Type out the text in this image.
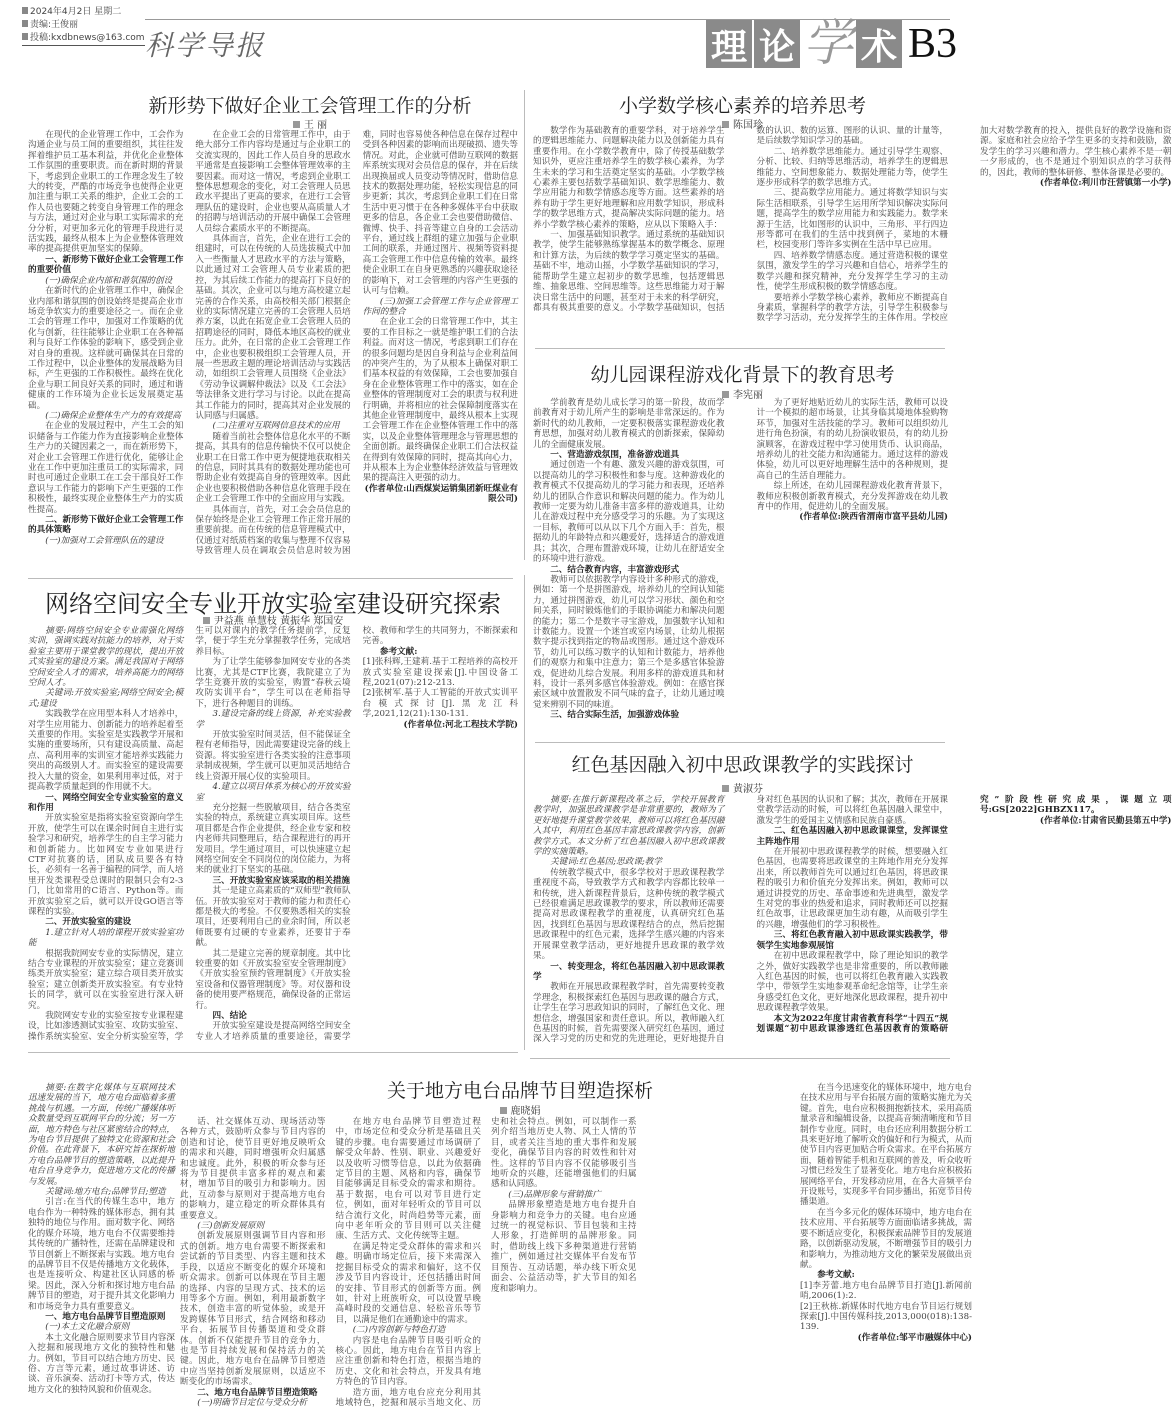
2024年4月2日 星期二
责编:王俊丽
投稿:kxdbnews@163.com 科学导报	理 论 学 术 B3
新形势下做好企业工会管理工作的分析
王 丽

在现代的企业管理工作中，工会作为沟通企业与员工间的重要组织，其往往发挥着维护员工基本利益，并优化企业整体工作氛围的重要职责。而在新时期的背景下，考虑到企业职工的工作理念发生了较大的转变，严酷的市场竞争也使得企业更加注重与职工关系的维护，企业工会的工作人员也要随之转变自身管理工作的理念与方法，通过对企业与职工实际需求的充分分析，对更加多元化的管理手段进行灵活实践，最终从根本上为企业整体管理效率的提高提供更加坚实的保障。

一、新形势下做好企业工会管理工作的重要价值

(一)确保企业内部和谐氛围的创设

在新时代的企业管理工作中，确保企业内部和谐氛围的创设始终是提高企业市场竞争软实力的重要途径之一。而在企业工会的管理工作中，加强对工作策略的优化与创新，往往能够让企业职工在各种福利与良好工作体验的影响下，感受到企业对自身的重视。这样就可确保其在日常的工作过程中，以企业整体的发展战略为目标，产生更强的工作积极性。最终在优化企业与职工间良好关系的同时，通过和谐健康的工作环境为企业长远发展奠定基础。

(二)确保企业整体生产力的有效提高

在企业的发展过程中，产生工会的知识储备与工作能力作为直接影响企业整体生产力的关键因素之一，而在新形势下，对企业工会管理工作进行优化，能够让企业在工作中更加注重员工的实际需求，同时也可通过企业职工在工会干部良好工作意识与工作能力的影响下产生更强的工作积极性，最终实现企业整体生产力的实质性提高。

二、新形势下做好企业工会管理工作的具体策略

(一)加强对工会管理队伍的建设

在企业工会的日常管理工作中，由于绝大部分工作内容均是通过与企业职工的交流实现的，因此工作人员自身的思政水平通常是直接影响工会整体管理效率的主要因素。而对这一情况，考虑到企业职工整体思想观念的变化，对工会管理人员思政水平提出了更高的要求，在进行工会管理队伍的建设时，企业也要从高质量人才的招聘与培训活动的开展中确保工会管理人员综合素质水平的不断提高。

具体而言，首先，企业在进行工会的组建时，可以在传统的人员选拔模式中加入一些衡量人才思政水平的方法与策略，以此通过对工会管理人员专业素质的把控，为其后续工作能力的提高打下良好的基础。其次，企业可以与地方高校建立起完善的合作关系，由高校相关部门根据企业的实际情况建立完善的工会管理人员培养方案，以此在拓宽企业工会管理人员的招聘途径的同时，降低本地区高校的就业压力。此外，在日常的企业工会管理工作中，企业也要积极组织工会管理人员，开展一些思政主题的理论培训活动与实践活动，如组织工会管理人员围绕《企业法》《劳动争议调解仲裁法》以及《工会法》等法律条文进行学习与讨论。以此在提高其工作能力的同时，提高其对企业发展的认同感与归属感。

(二)注重对互联网信息技术的应用

随着当前社会整体信息化水平的不断提高，其具有的信息传输快不仅可以使企业职工在日常工作中更为便捷地获取相关的信息，同时其具有的数据处理功能也可帮助企业有效提高自身的管理效率。因此企业也要积极借助各种信息化管理手段在企业工会管理工作中的全面应用与实践。

具体而言，首先，对工会会员信息的保存始终是企业工会管理工作正常开展的重要前提。而在传统的信息管理模式中，仅通过对纸质档案的收集与整理不仅容易导致管理人员在调取会员信息时较为困难，同时也容易使各种信息在保存过程中受到各种因素的影响而出现破损、遗失等情况。对此，企业就可借助互联网的数据库系统实现对会员信息的保存，并在后续出现换届或人员变动等情况时，借助信息技术的数据处理功能，轻松实现信息的同步更新；其次，考虑到企业职工们在日常生活中更习惯于在各种多媒体平台中获取更多的信息，各企业工会也要借助微信、微博、快手、抖音等建立自身的工会活动平台，通过线上群组的建立加强与企业职工间的联系，并通过图片、视频等资料提高工会管理工作中信息传输的效率。最终使企业职工在自身更熟悉的兴趣获取途径的影响下，对工会管理的内容产生更强的认可与信赖。

(三)加强工会管理工作与企业管理工作间的整合

在企业工会的日常管理工作中，其主要的工作目标之一就是维护职工们的合法利益。而对这一情况，考虑到职工们存在的很多问题均是因自身利益与企业利益间的冲突产生的，为了从根本上确保对职工们基本权益的有效保障，工会也要加强自身在企业整体管理工作中的落实，如在企业整体的管理制度对工会的职责与权利进行明确，并将相应的社会保障制度落实在其他企业管理制度中，最终从根本上实现工会管理工作在企业整体管理工作中的落实，以及企业整体管理理念与管理思想的全面创新。最终确保企业职工们合法权益在得到有效保障的同时，提高其向心力，并从根本上为企业整体经济效益与管理效果的提高注入更强的动力。

(作者单位:山西煤炭运销集团新旺煤业有限公司)

小学数学核心素养的培养思考
陈国珍

数学作为基础教育的重要学科，对于培养学生的逻辑思维能力、问题解决能力以及创新能力具有重要作用。在小学数学教育中，除了传授基础数学知识外，更应注重培养学生的数学核心素养，为学生未来的学习和生活奠定坚实的基础。小学数学核心素养主要包括数学基础知识、数学思维能力、数学应用能力和数学情感态度等方面。这些素养的培养有助于学生更好地理解和应用数学知识，形成科学的数学思维方式，提高解决实际问题的能力。培养小学数学核心素养的策略，应从以下策略入手：

一、加强基础知识教学。通过系统的基础知识教学，使学生能够熟练掌握基本的数学概念、原理和计算方法，为后续的数学学习奠定坚实的基础。基础不牢，地动山摇，小学数学基础知识的学习，能帮助学生建立起初步的数学思维，包括逻辑思维、抽象思维、空间思维等。这些思维能力对于解决日常生活中的问题，甚至对于未来的科学研究，都具有极其重要的意义。小学数学基础知识，包括数的认识、数的运算、图形的认识、量的计量等，是后续数学知识学习的基础。

二、培养数学思维能力。通过引导学生观察、分析、比较、归纳等思维活动，培养学生的逻辑思维能力、空间想象能力、数据处理能力等，使学生逐步形成科学的数学思维方式。

三、提高数学应用能力。通过将数学知识与实际生活相联系，引导学生运用所学知识解决实际问题，提高学生的数学应用能力和实践能力。数学来源于生活，比如图形的认识中，三角形、平行四边形等都可在我们的生活中找到例子，菜地的木栅栏，校园变形门等许多实例在生活中早已应用。

四、培养数学情感态度。通过营造积极的课堂氛围，激发学生的学习兴趣和自信心，培养学生的数学兴趣和探究精神，充分发挥学生学习的主动性，使学生形成积极的数学情感态度。

要培养小学数学核心素养，教师应不断提高自身素质，掌握科学的教学方法，引导学生积极参与数学学习活动，充分发挥学生的主体作用。学校应加大对数学教育的投入，提供良好的教学设施和资源。家庭和社会应给予学生更多的支持和鼓励，激发学生的学习兴趣和潜力。学生核心素养不是一朝一夕形成的，也不是通过个别知识点的学习获得的，因此，教师的整体研修、整体备课是必要的。

(作者单位:利川市汪营镇第一小学)

幼儿园课程游戏化背景下的教育思考
李宪丽

学前教育是幼儿成长学习的第一阶段，故而学前教育对于幼儿所产生的影响是非常深远的。作为新时代的幼儿教师，一定要积极落实课程游戏化教育思想，加强对幼儿教育模式的创新探索，保障幼儿的全面健康发展。

一、营造游戏氛围，准备游戏道具

通过创造一个有趣、激发兴趣的游戏氛围，可以提高幼儿的学习积极性和参与度。这种游戏化的教育模式不仅提高幼儿的学习能力和表现，还培养幼儿的团队合作意识和解决问题的能力。作为幼儿教师一定要为幼儿准备丰富多样的游戏道具，让幼儿在游戏过程中充分感受学习的乐趣。为了实现这一目标，教师可以从以下几个方面入手：首先，根据幼儿的年龄特点和兴趣爱好，选择适合的游戏道具；其次，合理布置游戏环境，让幼儿在舒适安全的环境中进行游戏。

二、结合教育内容，丰富游戏形式

教师可以依据教学内容设计多种形式的游戏，例如：第一个是拼图游戏，培养幼儿的空间认知能力，通过拼图游戏，幼儿可以学习形状、颜色和空间关系，同时锻炼他们的手眼协调能力和解决问题的能力；第二个是数字寻宝游戏，加强数字认知和计数能力。设置一个迷宫或室内场景，让幼儿根据数字提示找到指定的物品或图形。通过这个游戏环节，幼儿可以练习数字的认知和计数能力，培养他们的观察力和集中注意力；第三个是多感官体验游戏，促进幼儿综合发展。利用多样的游戏道具和材料，设计一系列多感官体验游戏。例如：在感官探索区域中放置散发不同气味的盒子，让幼儿通过嗅觉来辨别不同的味道。

三、结合实际生活，加强游戏体验

为了更好地贴近幼儿的实际生活，教师可以设计一个模拟的超市场景，让其身临其境地体验购物环节，加强对生活技能的学习。教师可以组织幼儿进行角色扮演，有的幼儿扮演收银员，有的幼儿扮演顾客，在游戏过程中学习使用货币、认识商品，培养幼儿的社交能力和沟通能力。通过这样的游戏体验，幼儿可以更好地理解生活中的各种规则，提高自己的生活自理能力。

综上所述，在幼儿园课程游戏化教育背景下，教师应积极创新教育模式，充分发挥游戏在幼儿教育中的作用，促进幼儿的全面发展。

(作者单位:陕西省渭南市富平县幼儿园)

网络空间安全专业开放实验室建设研究探索
尹益燕 单慧枝 黄振华 郑国安

摘要:网络空间安全专业需强化网络实训，强调实践对抗能力的培养，对于实验室主要用于课堂教学的现状，提出开放式实验室的建设方案。满足我国对于网络空间安全人才的需求，培养高能力的网络空间人才。

关键词:开放实验室;网络空间安全;模式;建设

实践教学在应用型本科人才培养中，对学生应用能力、创新能力的培养起着至关重要的作用。实验室是实践教学开展和实施的重要场所，只有建设高质量、高起点、高利用率的实训室才能培养实践能力突出的高级别人才。而实验室的建设需要投入大量的资金，如果利用率过低，对于提高教学质量起到的作用就不大。

一、网络空间安全专业实验室的意义和作用

开放实验室是指将实验室资源向学生开放，使学生可以在课余时间自主进行实验学习和研究，培养学生的自主学习能力和创新能力。比如网安专业如果进行CTF对抗赛的话，团队成员要各有特长，必须有一名善于编程的同学，而人培里开发类课程受总课时的限制只会有2-3门，比如常用的C语言、Python等。而开放实验室之后，就可以开设GO语言等课程的实验。

二、开放实验室的建设

1.建立针对人培的课程开放实验室功能

根据我院网安专业的实际情况，建立结合专业课程的开放实验室；建立竞赛训练类开放实验室；建立综合项目类开放实验室；建立创新类开放实验室。有专业特长的同学，就可以在实验室进行深入研究。

我院网安专业的实验室按专业课程建设，比如渗透测试实验室、攻防实验室、操作系统实验室、安全分析实验室等，学生可以对课内的教学任务提前学，反复学，便于学生充分掌握教学任务，完成培养目标。

为了让学生能够参加网安专业的各类比赛，尤其是CTF比赛，我院建立了为学生竞赛开放的实验室，购置“春秋云境攻防实训平台”，学生可以在老师指导下，进行各种题目的训练。

3.建设完备的线上资源，补充实验教学

开放实验室时间灵活，但不能保证全程有老师指导，因此需要建设完备的线上资源。将实验室进行各类实验的注意事项录制成视频，学生就可以更加灵活地结合线上资源开展心仪的实验项目。

4.建立以项目体系为核心的开放实验室

充分挖掘一些脱敏项目，结合各类室实验的特点，系统建立真实项目库。这些项目都是合作企业提供，经企业专家和校内老师共同整理后，结合课程进行的再开发项目。学生通过项目，可以快速建立起网络空间安全不同岗位的岗位能力，为将来的就业打下坚实的基础。

三、开放实验室应该采取的相关措施

其一是建立高素质的“双师型”教师队伍。开放实验室对于教师的能力和责任心都是极大的考验。不仅要熟悉相关的实验项目，还要利用自己的业余时间，所以老师既要有过硬的专业素养，还要甘于奉献。

其二是建立完善的规章制度。其中比较重要的如《开放实验室安全管理制度》《开放实验室预约管理制度》《开放实验室设备和仪器管理制度》等。对仪器和设备的使用要严格规范，确保设备的正常运行。

四、结论

开放实验室建设是提高网络空间安全专业人才培养质量的重要途径，需要学校、教师和学生的共同努力，不断探索和完善。

参考文献:

[1]张科辉,王建莉.基于工程培养的高校开放式实验室建设探索[J].中国设备工程,2021(07):212-213.

[2]张树军.基于人工智能的开放式实训平台模式探讨[J].黑龙江科学,2021,12(21):130-131.

(作者单位:河北工程技术学院)

红色基因融入初中思政课教学的实践探讨
黄淑芬

摘要:在推行新课程改革之后，学校开展教育教学时，加强思政课教学是非常重要的，教师为了更好地提升课堂教学效果，教师可以将红色基因融入其中，利用红色基因丰富思政课教学内容，创新教学方式。本文分析了红色基因融入初中思政课教学的实施策略。

关键词:红色基因;思政课;教学

传统教学模式中，很多学校对于思政课程教学重视度不高，导致教学方式和教学内容都比较单一和传统，进入新课程背景后，这种传统的教学模式已经很难满足思政课教学的要求，所以教师还需要提高对思政课程教学的重视度，认真研究红色基因，找到红色基因与思政课程结合的点，然后挖掘思政课程中的红色元素，选择学生感兴趣的内容来开展课堂教学活动，更好地提升思政课的教学效果。

一、转变理念，将红色基因融入初中思政课教学

教师在开展思政课程教学时，首先需要转变教学理念，积极探索红色基因与思政课的融合方式，让学生在学习思政知识的同时，了解红色文化、理想信念，增强国家和责任意识。所以，教师融入红色基因的时候，首先需要深入研究红色基因，通过深入学习党的历史和党的先进理论，更好地提升自身对红色基因的认识和了解；其次，教师在开展课堂教学活动的时候，可以将红色基因融入课堂中，激发学生的爱国主义情感和民族自豪感。

二、红色基因融入初中思政课课堂，发挥课堂主阵地作用

在开展初中思政课程教学的时候，想要融入红色基因，也需要将思政课堂的主阵地作用充分发挥出来，所以教师首先可以通过红色基因，将思政课程的吸引力和价值充分发挥出来。例如，教师可以通过讲授党的历史、革命事迹和先进典型，激发学生对党的事业的热爱和追求，同时教师还可以挖掘红色故事，让思政课更加生动有趣，从而吸引学生的兴趣，增强他们的学习积极性。

三、将红色教育融入初中思政课实践教学，带领学生实地参观展馆

在初中思政课程教学中，除了理论知识的教学之外，做好实践教学也是非常重要的，所以教师融入红色基因的时候，也可以将红色教育融入实践教学中，带领学生实地参观革命纪念馆等，让学生亲身感受红色文化，更好地深化思政课程，提升初中思政课程教学效果。

本文为2022年度甘肃省教育科学“十四五”规划课题“初中思政课渗透红色基因教育的策略研究”阶段性研究成果，课题立项号:GS[2022]GHBZX117。

(作者单位:甘肃省民勤县第五中学)

关于地方电台品牌节目塑造探析
鹿晓娟

摘要:在数字化媒体与互联网技术迅速发展的当下，地方电台面临着多重挑战与机遇。一方面，传统广播媒体听众数量受到互联网平台的分流；另一方面，地方特色与社区紧密结合的特点，为电台节目提供了独特文化资源和社会价值。在此背景下，本研究旨在探析地方电台品牌节目的塑造策略，以此提升电台自身竞争力，促进地方文化的传播与发展。

关键词:地方电台;品牌节目;塑造

引言:在当代的传媒生态中，地方电台作为一种特殊的媒体形态，拥有其独特的地位与作用。面对数字化、网络化的媒介环境，地方电台不仅需要维持其传统的广播特性，还需在品牌建设和节目创新上不断探索与实践。地方电台的品牌节目不仅是传播地方文化载体，也是连接听众、构建社区认同感的桥梁。因此，深入分析和探讨地方电台品牌节目的塑造，对于提升其文化影响力和市场竞争力具有重要意义。

一、地方电台品牌节目塑造原则

(一)本土文化融合原则

本土文化融合原则要求节目内容深入挖掘和展现地方文化的独特性和魅力。例如，节目可以结合地方历史、民俗、方言等元素，通过故事讲述、访谈、音乐演奏、活动打卡等方式，传达地方文化的独特风貌和价值观念。

话、社交媒体互动、现场活动等各种方式，鼓励听众参与节目内容的创造和讨论，使节目更好地反映听众的需求和兴趣，同时增强听众归属感和忠诚度。此外，积极的听众参与还将为节目提供丰富多样的观点和素材，增加节目的吸引力和影响力。因此，互动参与原则对于提高地方电台的影响力，建立稳定的听众群体具有重要意义。

(三)创新发展原则

创新发展原则强调节目内容和形式的创新。地方电台需要不断探索和尝试新的节目类型、内容主题和技术手段，以适应不断变化的媒介环境和听众需求。创新可以体现在节目主题的选择、内容的呈现方式、技术的运用等多个方面。例如，利用最新数字技术，创造丰富的听觉体验，或是开发跨媒体节目形式，结合网络和移动平台，拓展节目传播渠道和受众群体。创新不仅能提升节目的竞争力，也是节目持续发展和保持活力的关键。因此，地方电台在品牌节目塑造中应当坚持创新发展原则，以适应不断变化的市场需求。

二、地方电台品牌节目塑造策略

(一)明确节目定位与受众分析

在地方电台品牌节目塑造过程中，市场定位和受众分析是基础且关键的步骤。电台需要通过市场调研了解受众年龄、性别、职业、兴趣爱好以及收听习惯等信息，以此为依据确定节目的主题、风格和内容，确保节目能够满足目标受众的需求和期待。基于数据，电台可以对节目进行定位，例如，面对年轻听众的节目可以结合流行文化，时尚趋势等元素，面向中老年听众的节目则可以关注健康、生活方式、文化传统等主题。

在满足特定受众群体的需求和兴趣。明确市场定位后，接下来需深入挖掘目标受众的需求和偏好，这不仅涉及节目内容设计，还包括播出时间的安排、节目形式的创新等方面。例如，针对上班族听众，可以设置早晚高峰时段的交通信息、轻松音乐等节目，以满足他们在通勤途中的需求。

(二)内容创新与特色打造

内容是电台品牌节目吸引听众的核心。因此，地方电台在节目内容上应注重创新和特色打造，根据当地的历史、文化和社会特点，开发具有地方特色的节目内容。

造方面，地方电台应充分利用其地域特色，挖掘和展示当地文化、历史和社会特点。例如，可以制作一系列介绍当地历史人物、风土人情的节目，或者关注当地的重大事件和发展变化，确保节目内容的时效性和针对性。这样的节目内容不仅能够吸引当地听众的兴趣，还能增强他们的归属感和认同感。

(三)品牌形象与营销推广

品牌形象塑造是地方电台提升自身影响力和竞争力的关键。电台应通过统一的视觉标识、节目包装和主持人形象，打造鲜明的品牌形象。同时，借助线上线下多种渠道进行营销推广，例如通过社交媒体平台发布节目预告、互动话题，举办线下听众见面会、公益活动等，扩大节目的知名度和影响力。

在当今迅速变化的媒体环境中，地方电台在技术应用与平台拓展方面的策略实施尤为关键。首先，电台应积极拥抱新技术，采用高质量录音和编辑设备，以提高音频清晰度和节目制作专业度。同时，电台还应利用数据分析工具来更好地了解听众的偏好和行为模式，从而使节目内容更加贴合听众需求。在平台拓展方面，随着智能手机和互联网的普及，听众收听习惯已经发生了显著变化。地方电台应积极拓展网络平台，开发移动应用，在各大音频平台开设账号，实现多平台同步播出，拓宽节目传播渠道。

在当今多元化的媒体环境中，地方电台在技术应用、平台拓展等方面面临诸多挑战，需要不断适应变化，积极探索品牌节目的发展道路，以创新驱动发展，不断增强节目的吸引力和影响力，为推动地方文化的繁荣发展做出贡献。

参考文献:

[1]李芳蕾.地方电台品牌节目打造[J].新闻前哨,2006(1):2.

[2]王秋栋.新媒体时代地方电台节目运行规划探索[J].中国传媒科技,2013,000(018):138-139.

(作者单位:邹平市融媒体中心)
